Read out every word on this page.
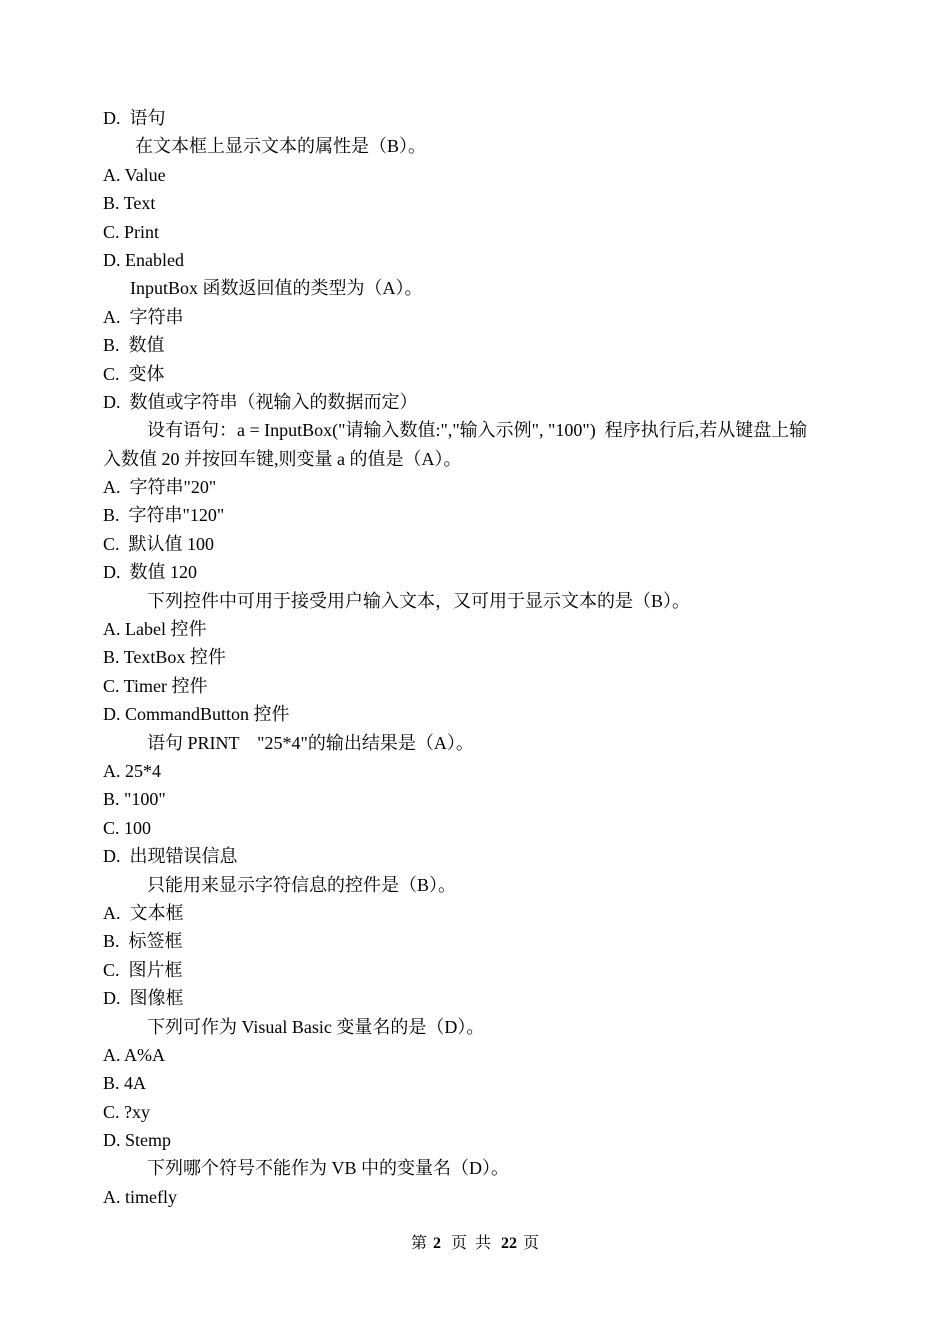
D.  语句
在文本框上显示文本的属性是（B）。
A. Value
B. Text
C. Print
D. Enabled
InputBox 函数返回值的类型为（A）。
A.  字符串
B.  数值
C.  变体
D.  数值或字符串（视输入的数据而定）
设有语句：a = InputBox("请输入数值:","输入示例", "100")  程序执行后,若从键盘上输
入数值 20 并按回车键,则变量 a 的值是（A）。
A.  字符串"20"
B.  字符串"120"
C.  默认值 100
D.  数值 120
下列控件中可用于接受用户输入文本，又可用于显示文本的是（B）。
A. Label 控件
B. TextBox 控件
C. Timer 控件
D. CommandButton 控件
语句 PRINT    "25*4"的输出结果是（A）。
A. 25*4
B. "100"
C. 100
D.  出现错误信息
只能用来显示字符信息的控件是（B）。
A.  文本框
B.  标签框
C.  图片框
D.  图像框
下列可作为 Visual Basic 变量名的是（D）。
A. A%A
B. 4A
C. ?xy
D. Stemp
下列哪个符号不能作为 VB 中的变量名（D）。
A. timefly
第 2 页 共 22 页
